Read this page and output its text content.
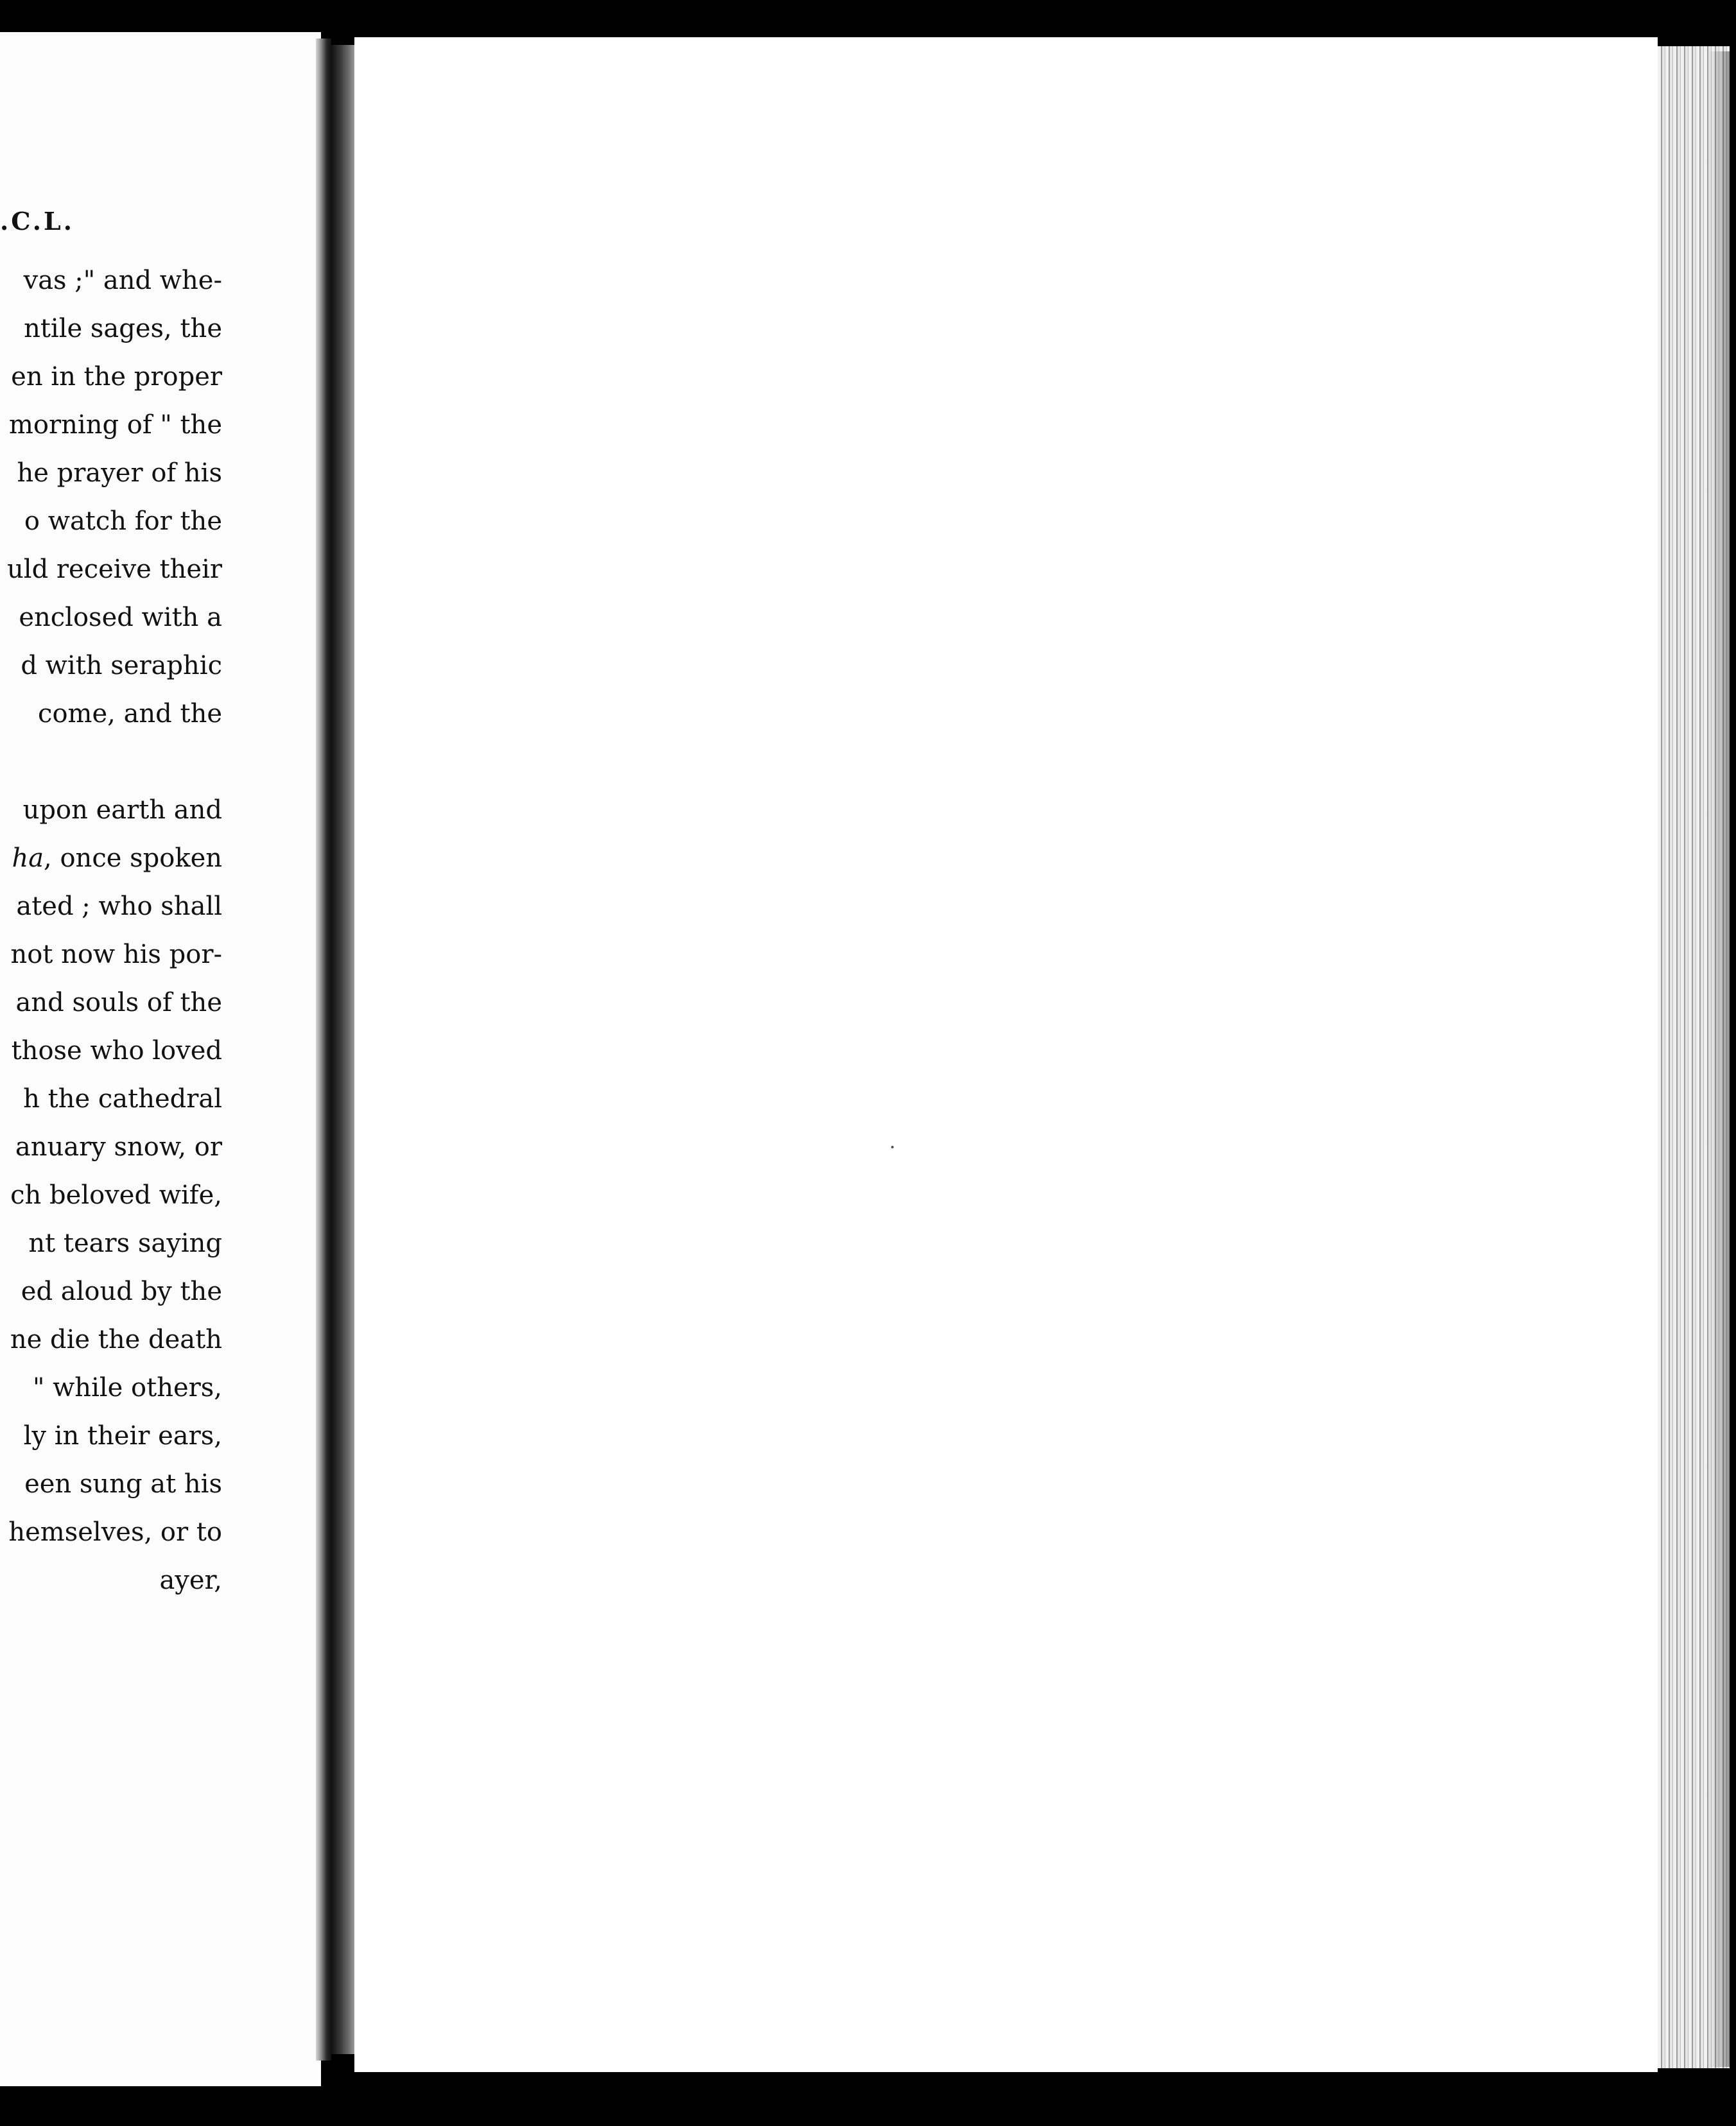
.C.L.
vas ;" and whe-
ntile sages, the
en in the proper
morning of " the
he prayer of his
o watch for the
uld receive their
enclosed with a
d with seraphic
come, and the
upon earth and
ha, once spoken
ated ; who shall
not now his por-
and souls of the
those who loved
h the cathedral
anuary snow, or
ch beloved wife,
nt tears saying
ed aloud by the
ne die the death
" while others,
ly in their ears,
een sung at his
hemselves, or to
ayer,
